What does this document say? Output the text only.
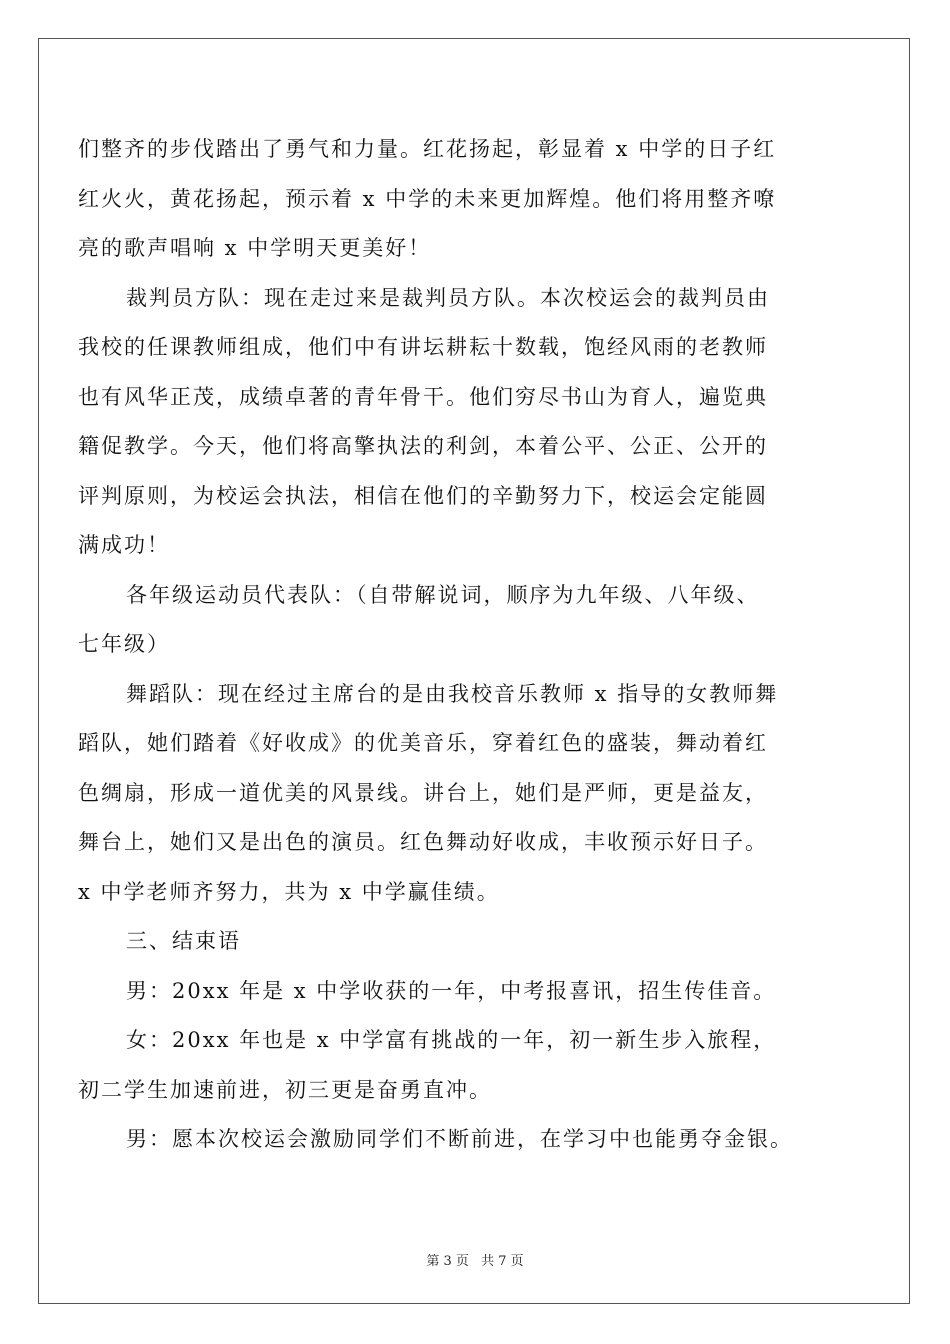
第 3 页 共 7 页
们整齐的步伐踏出了勇气和力量。红花扬起，彰显着 x 中学的日子红
红火火，黄花扬起，预示着 x 中学的未来更加辉煌。他们将用整齐嘹
亮的歌声唱响 x 中学明天更美好！
裁判员方队：现在走过来是裁判员方队。本次校运会的裁判员由
我校的任课教师组成，他们中有讲坛耕耘十数载，饱经风雨的老教师
也有风华正茂，成绩卓著的青年骨干。他们穷尽书山为育人，遍览典
籍促教学。今天，他们将高擎执法的利剑，本着公平、公正、公开的
评判原则，为校运会执法，相信在他们的辛勤努力下，校运会定能圆
满成功！
各年级运动员代表队：（自带解说词，顺序为九年级、八年级、
七年级）
舞蹈队：现在经过主席台的是由我校音乐教师 x 指导的女教师舞
蹈队，她们踏着《好收成》的优美音乐，穿着红色的盛装，舞动着红
色绸扇，形成一道优美的风景线。讲台上，她们是严师，更是益友，
舞台上，她们又是出色的演员。红色舞动好收成，丰收预示好日子。
x 中学老师齐努力，共为 x 中学赢佳绩。
三、结束语
男：20xx 年是 x 中学收获的一年，中考报喜讯，招生传佳音。
女：20xx 年也是 x 中学富有挑战的一年，初一新生步入旅程，
初二学生加速前进，初三更是奋勇直冲。
男：愿本次校运会激励同学们不断前进，在学习中也能勇夺金银。
